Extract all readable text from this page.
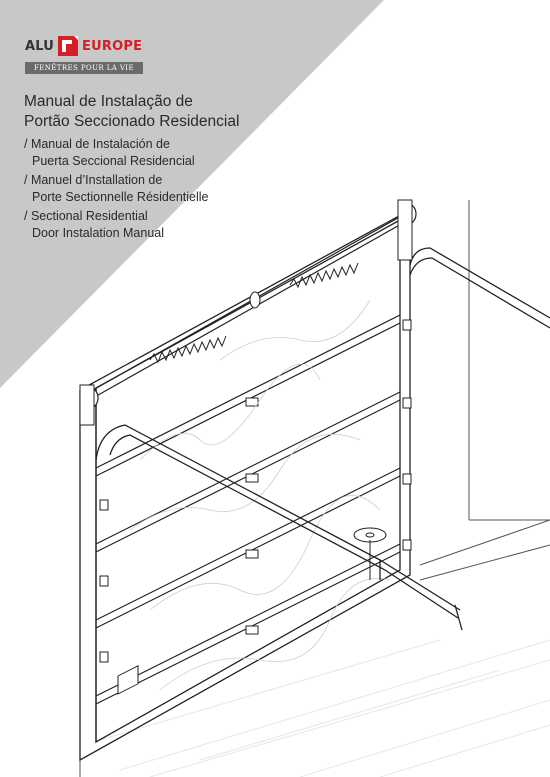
ALU EUROPE
FENÊTRES POUR LA VIE
Manual de Instalação de
Portão Seccionado Residencial
/ Manual de Instalación de
Puerta Seccional Residencial
/ Manuel d’Installation de
Porte Sectionnelle Résidentielle
/ Sectional Residential
Door Instalation Manual
